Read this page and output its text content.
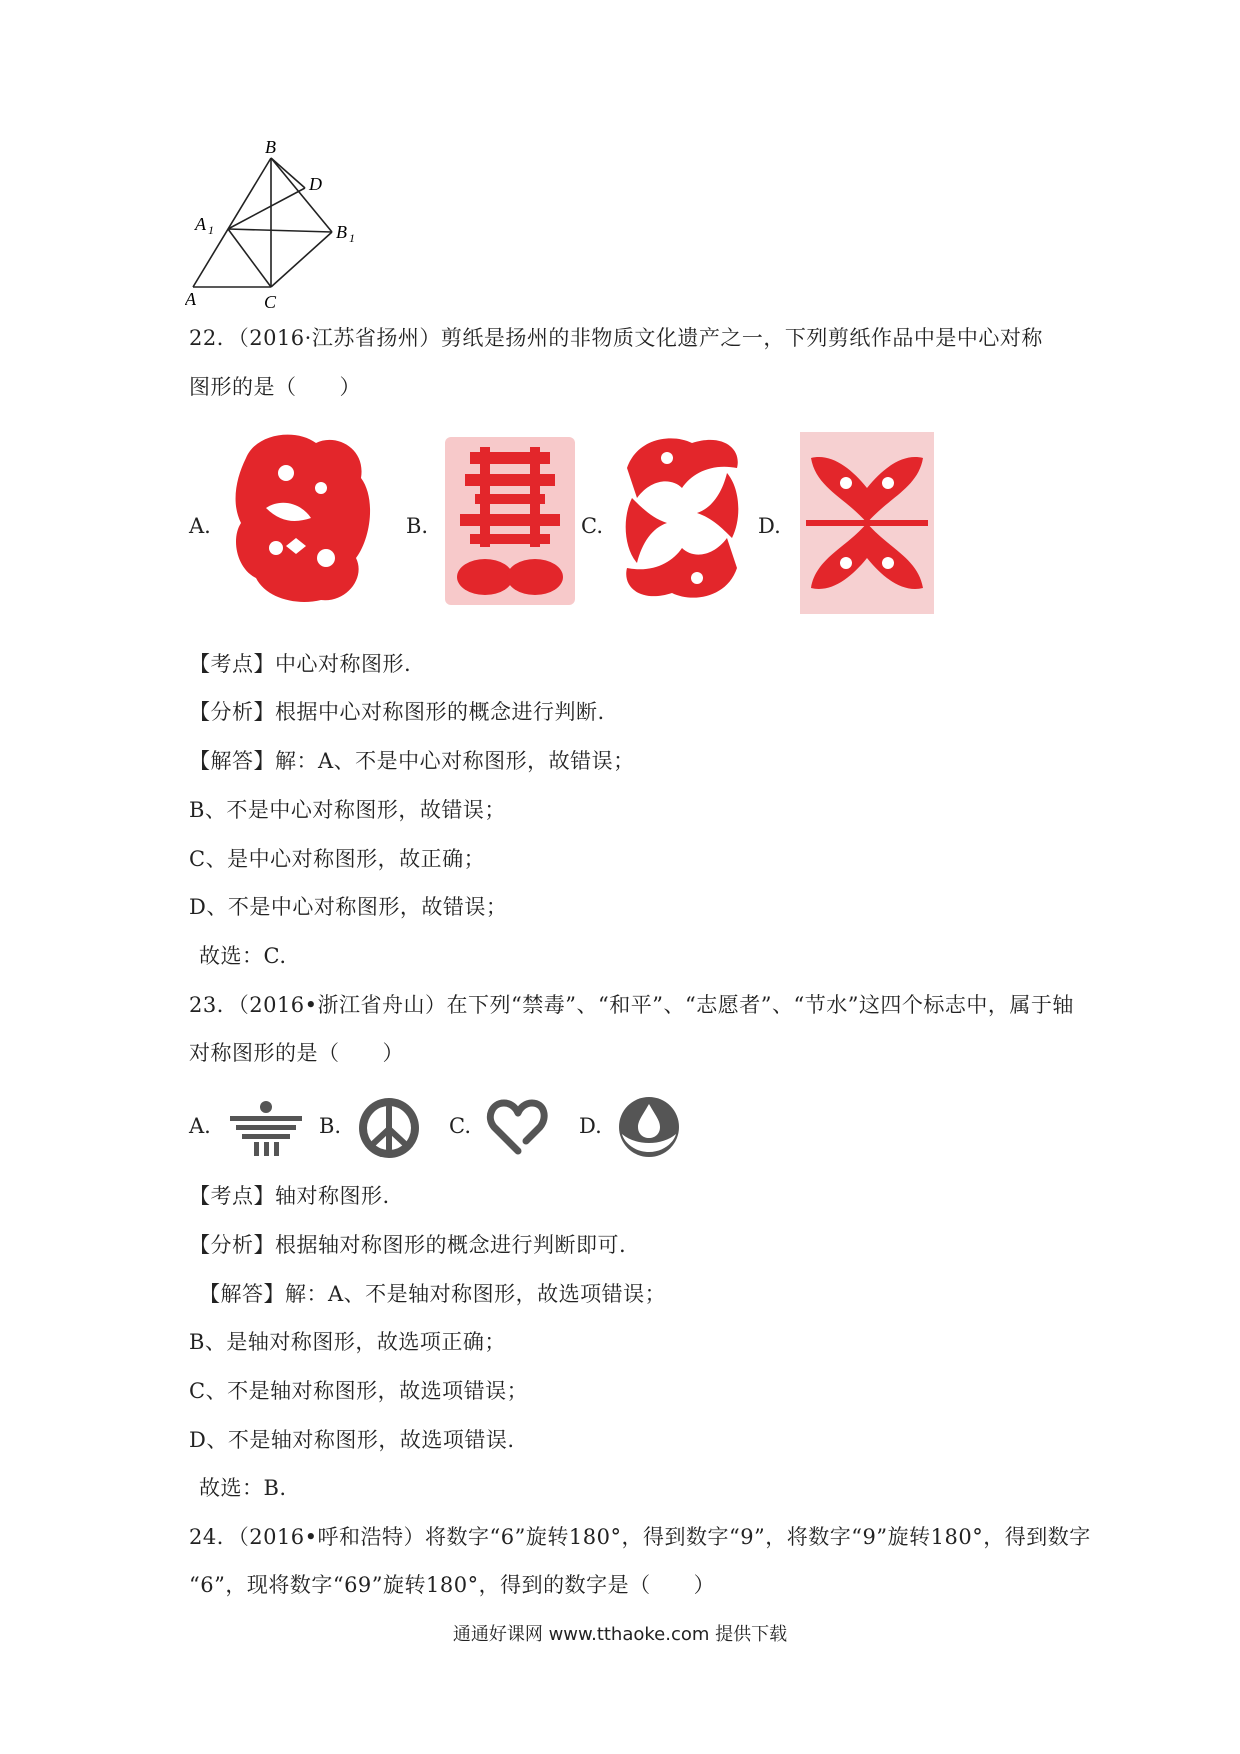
B
D
A 1	B 1
A	C
22．（2016·江苏省扬州）剪纸是扬州的非物质文化遗产之一，下列剪纸作品中是中心对称
图形的是（　　）
A.	B.	C.	D.
【考点】中心对称图形.
【分析】根据中心对称图形的概念进行判断.
【解答】解：A、不是中心对称图形，故错误；
B、不是中心对称图形，故错误；
C、是中心对称图形，故正确；
D、不是中心对称图形，故错误；
故选：C.
23．（2016•浙江省舟山）在下列“禁毒”、“和平”、“志愿者”、“节水”这四个标志中，属于轴
对称图形的是（　　）
A.	B.	C.	D.
【考点】轴对称图形.
【分析】根据轴对称图形的概念进行判断即可.
【解答】解：A、不是轴对称图形，故选项错误；
B、是轴对称图形，故选项正确；
C、不是轴对称图形，故选项错误；
D、不是轴对称图形，故选项错误.
故选：B.
24．（2016•呼和浩特）将数字“6”旋转180°，得到数字“9”，将数字“9”旋转180°，得到数字
“6”，现将数字“69”旋转180°，得到的数字是（　　）
通通好课网 www.tthaoke.com 提供下载
